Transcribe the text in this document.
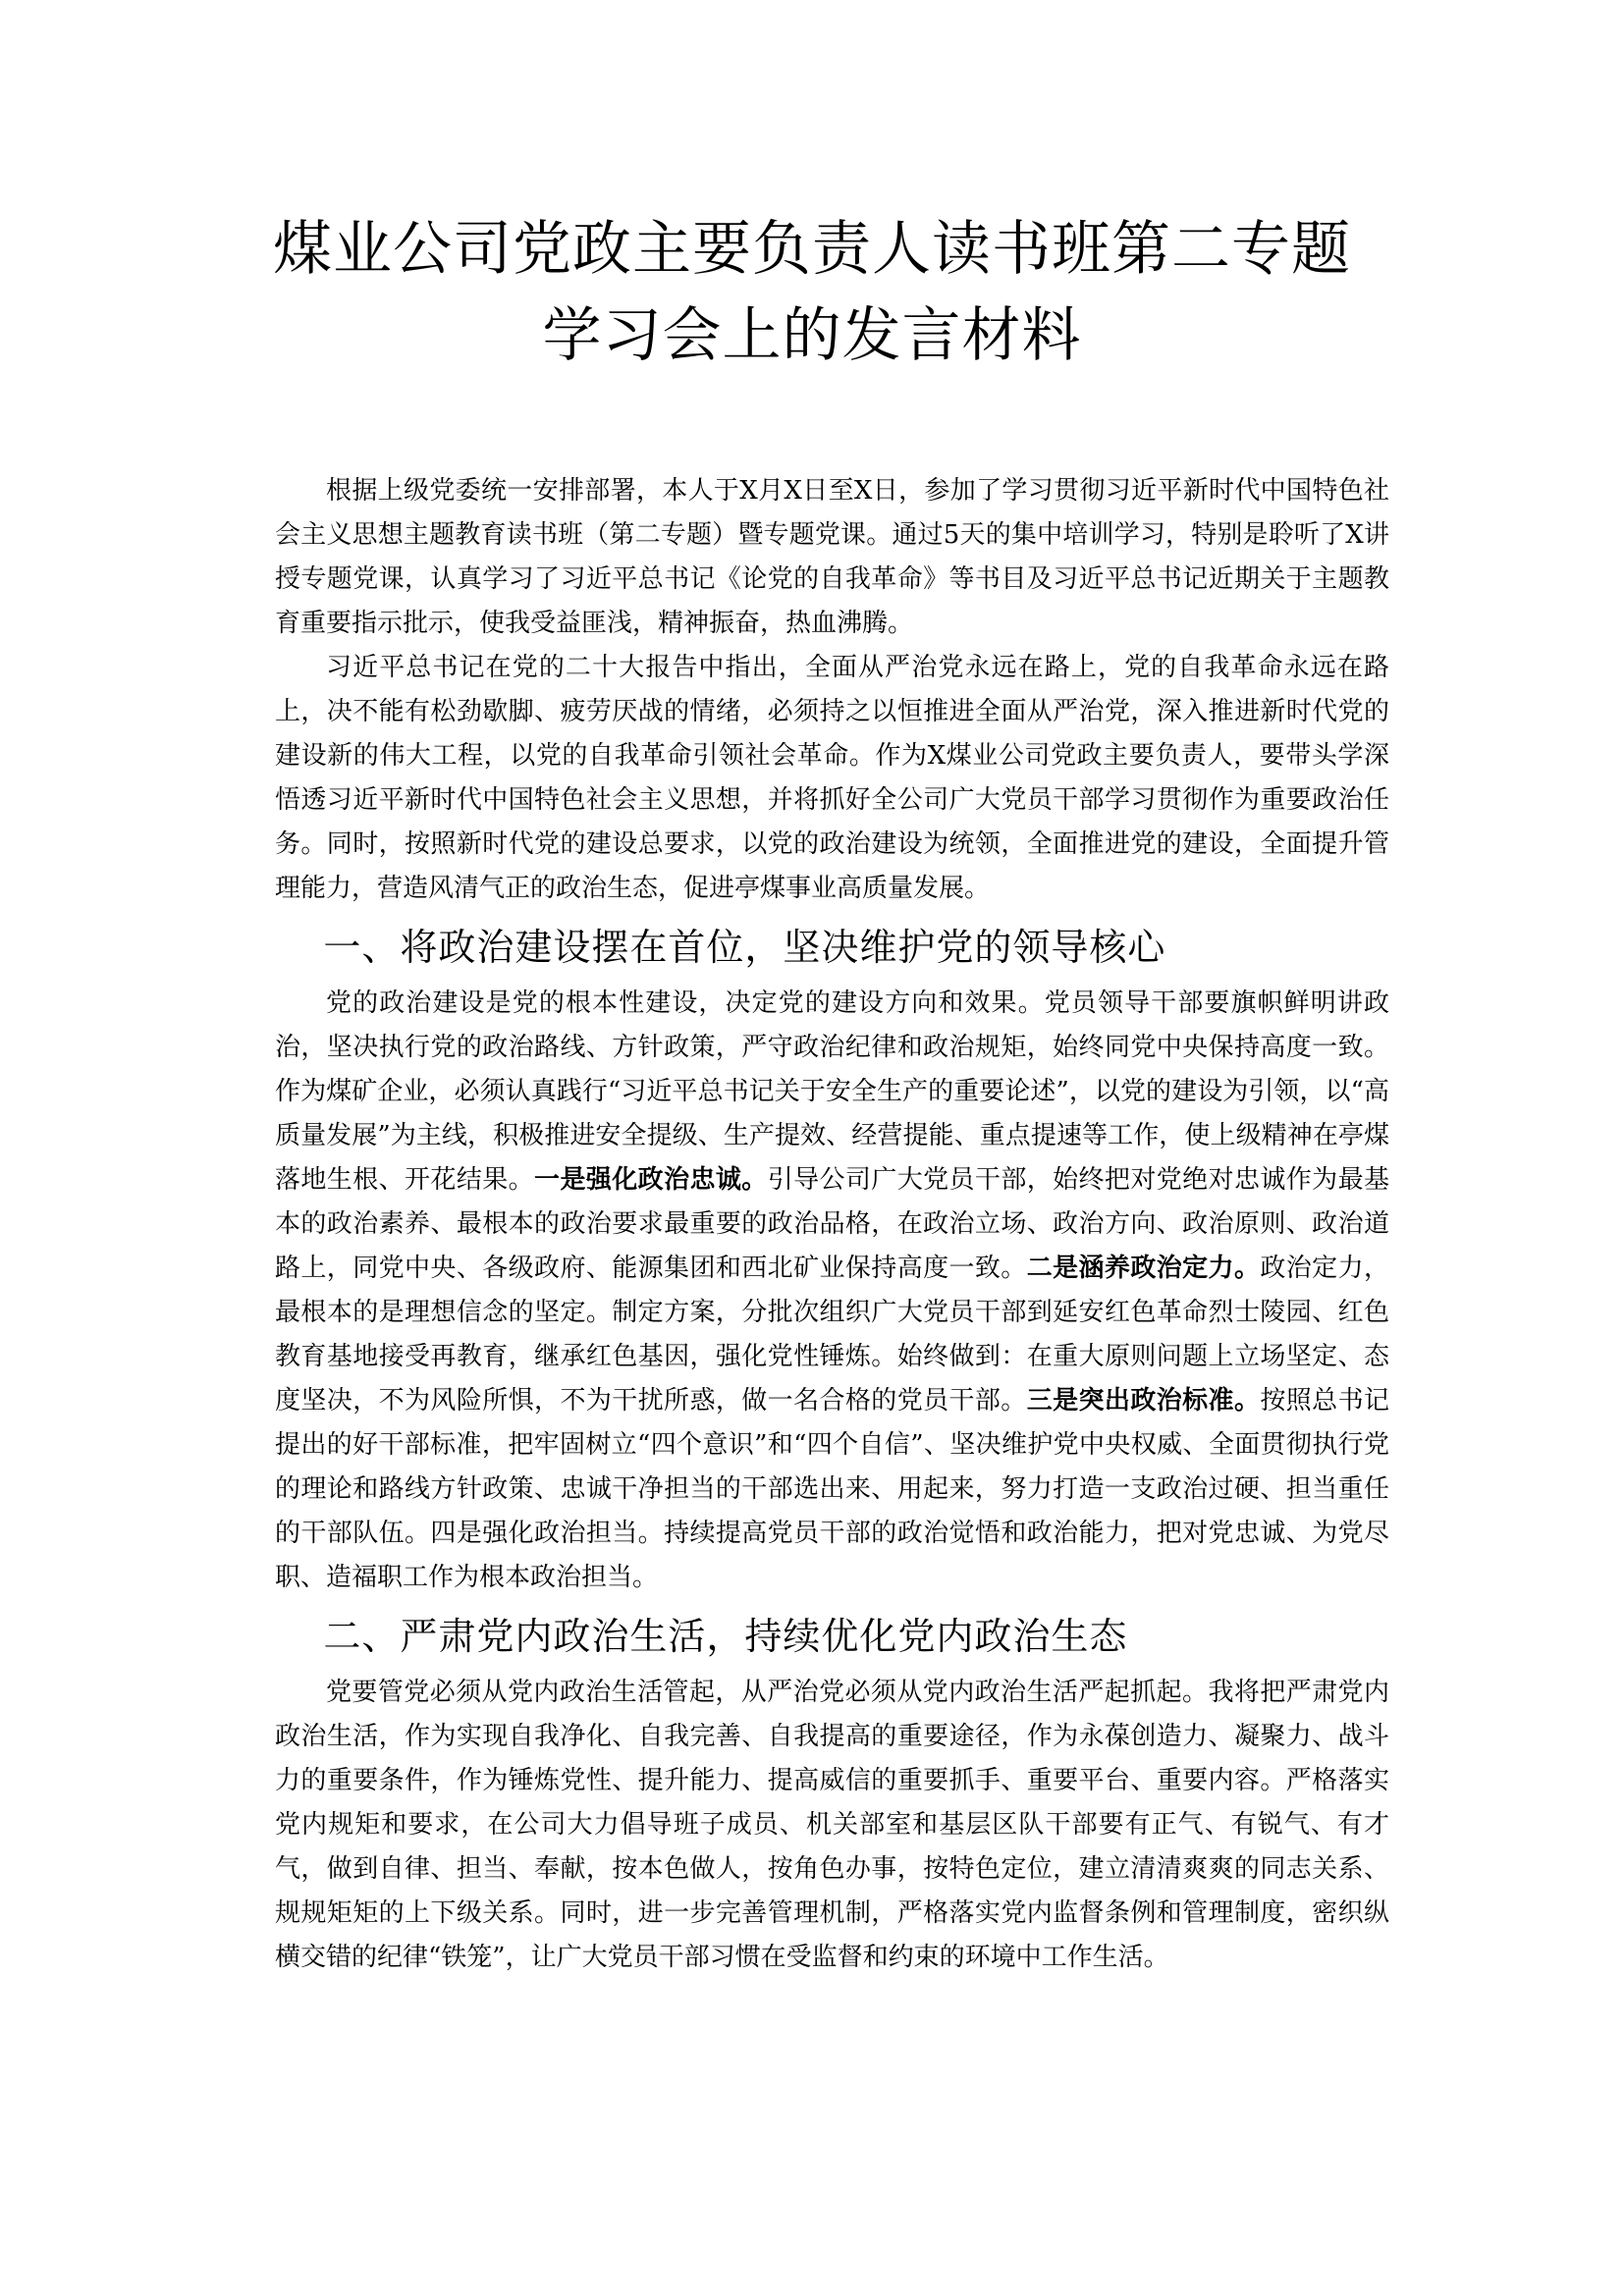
煤业公司党政主要负责人读书班第二专题
学习会上的发言材料

根据上级党委统一安排部署，本人于X月X日至X日，参加了学习贯彻习近平新时代中国特色社会主义思想主题教育读书班（第二专题）暨专题党课。通过5天的集中培训学习，特别是聆听了X讲授专题党课，认真学习了习近平总书记《论党的自我革命》等书目及习近平总书记近期关于主题教育重要指示批示，使我受益匪浅，精神振奋，热血沸腾。

习近平总书记在党的二十大报告中指出，全面从严治党永远在路上，党的自我革命永远在路上，决不能有松劲歇脚、疲劳厌战的情绪，必须持之以恒推进全面从严治党，深入推进新时代党的建设新的伟大工程，以党的自我革命引领社会革命。作为X煤业公司党政主要负责人，要带头学深悟透习近平新时代中国特色社会主义思想，并将抓好全公司广大党员干部学习贯彻作为重要政治任务。同时，按照新时代党的建设总要求，以党的政治建设为统领，全面推进党的建设，全面提升管理能力，营造风清气正的政治生态，促进亭煤事业高质量发展。

一、将政治建设摆在首位，坚决维护党的领导核心

党的政治建设是党的根本性建设，决定党的建设方向和效果。党员领导干部要旗帜鲜明讲政治，坚决执行党的政治路线、方针政策，严守政治纪律和政治规矩，始终同党中央保持高度一致。作为煤矿企业，必须认真践行“习近平总书记关于安全生产的重要论述”，以党的建设为引领，以“高质量发展”为主线，积极推进安全提级、生产提效、经营提能、重点提速等工作，使上级精神在亭煤落地生根、开花结果。一是强化政治忠诚。引导公司广大党员干部，始终把对党绝对忠诚作为最基本的政治素养、最根本的政治要求最重要的政治品格，在政治立场、政治方向、政治原则、政治道路上，同党中央、各级政府、能源集团和西北矿业保持高度一致。二是涵养政治定力。政治定力，最根本的是理想信念的坚定。制定方案，分批次组织广大党员干部到延安红色革命烈士陵园、红色教育基地接受再教育，继承红色基因，强化党性锤炼。始终做到：在重大原则问题上立场坚定、态度坚决，不为风险所惧，不为干扰所惑，做一名合格的党员干部。三是突出政治标准。按照总书记提出的好干部标准，把牢固树立“四个意识”和“四个自信”、坚决维护党中央权威、全面贯彻执行党的理论和路线方针政策、忠诚干净担当的干部选出来、用起来，努力打造一支政治过硬、担当重任的干部队伍。四是强化政治担当。持续提高党员干部的政治觉悟和政治能力，把对党忠诚、为党尽职、造福职工作为根本政治担当。

二、严肃党内政治生活，持续优化党内政治生态

党要管党必须从党内政治生活管起，从严治党必须从党内政治生活严起抓起。我将把严肃党内政治生活，作为实现自我净化、自我完善、自我提高的重要途径，作为永葆创造力、凝聚力、战斗力的重要条件，作为锤炼党性、提升能力、提高威信的重要抓手、重要平台、重要内容。严格落实党内规矩和要求，在公司大力倡导班子成员、机关部室和基层区队干部要有正气、有锐气、有才气，做到自律、担当、奉献，按本色做人，按角色办事，按特色定位，建立清清爽爽的同志关系、规规矩矩的上下级关系。同时，进一步完善管理机制，严格落实党内监督条例和管理制度，密织纵横交错的纪律“铁笼”，让广大党员干部习惯在受监督和约束的环境中工作生活。
